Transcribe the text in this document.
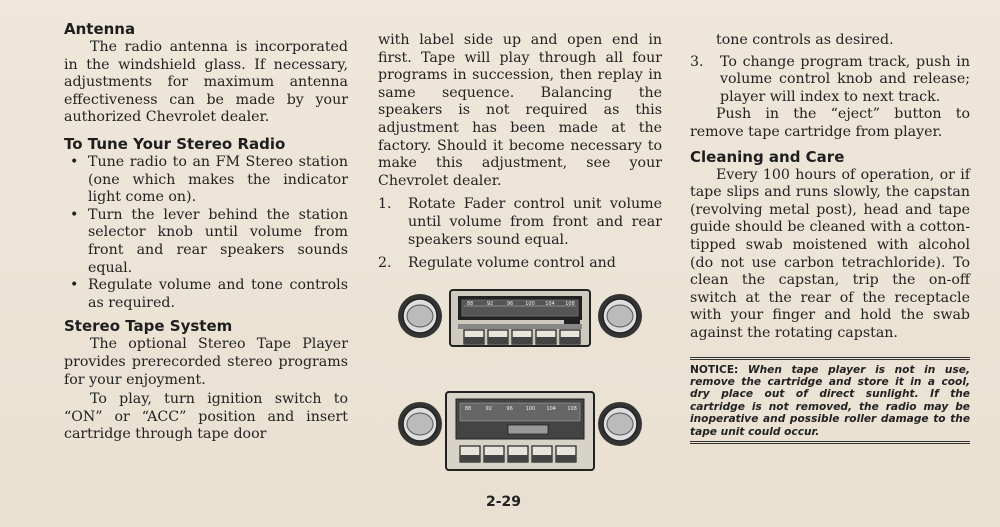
Antenna

The radio antenna is incorporated in the windshield glass. If necessary, adjustments for maximum antenna effectiveness can be made by your authorized Chevrolet dealer.

To Tune Your Stereo Radio
• Tune radio to an FM Stereo station (one which makes the indicator light come on).
• Turn the lever behind the station selector knob until volume from front and rear speakers sounds equal.
• Regulate volume and tone controls as required.
Stereo Tape System

The optional Stereo Tape Player provides prerecorded stereo programs for your enjoyment.

To play, turn ignition switch to “ON” or “ACC” position and insert cartridge through tape door

with label side up and open end in first. Tape will play through all four programs in succession, then replay in same sequence. Balancing the speakers is not required as this adjustment has been made at the factory. Should it become necessary to make this adjustment, see your Chevrolet dealer.

1. Rotate Fader control unit volume until volume from front and rear speakers sound equal.
2. Regulate volume control and
88	92	96 100 104 108
88	92	96	100 104 108

tone controls as desired.

3. To change program track, push in volume control knob and release; player will index to next track.

Push in the “eject” button to remove tape cartridge from player.

Cleaning and Care

Every 100 hours of operation, or if tape slips and runs slowly, the capstan (revolving metal post), head and tape guide should be cleaned with a cotton-tipped swab moistened with alcohol (do not use carbon tetrachloride). To clean the capstan, trip the on-off switch at the rear of the receptacle with your finger and hold the swab against the rotating capstan.

NOTICE: When tape player is not in use, remove the cartridge and store it in a cool, dry place out of direct sunlight. If the cartridge is not removed, the radio may be inoperative and possible roller damage to the tape unit could occur.
2-29
